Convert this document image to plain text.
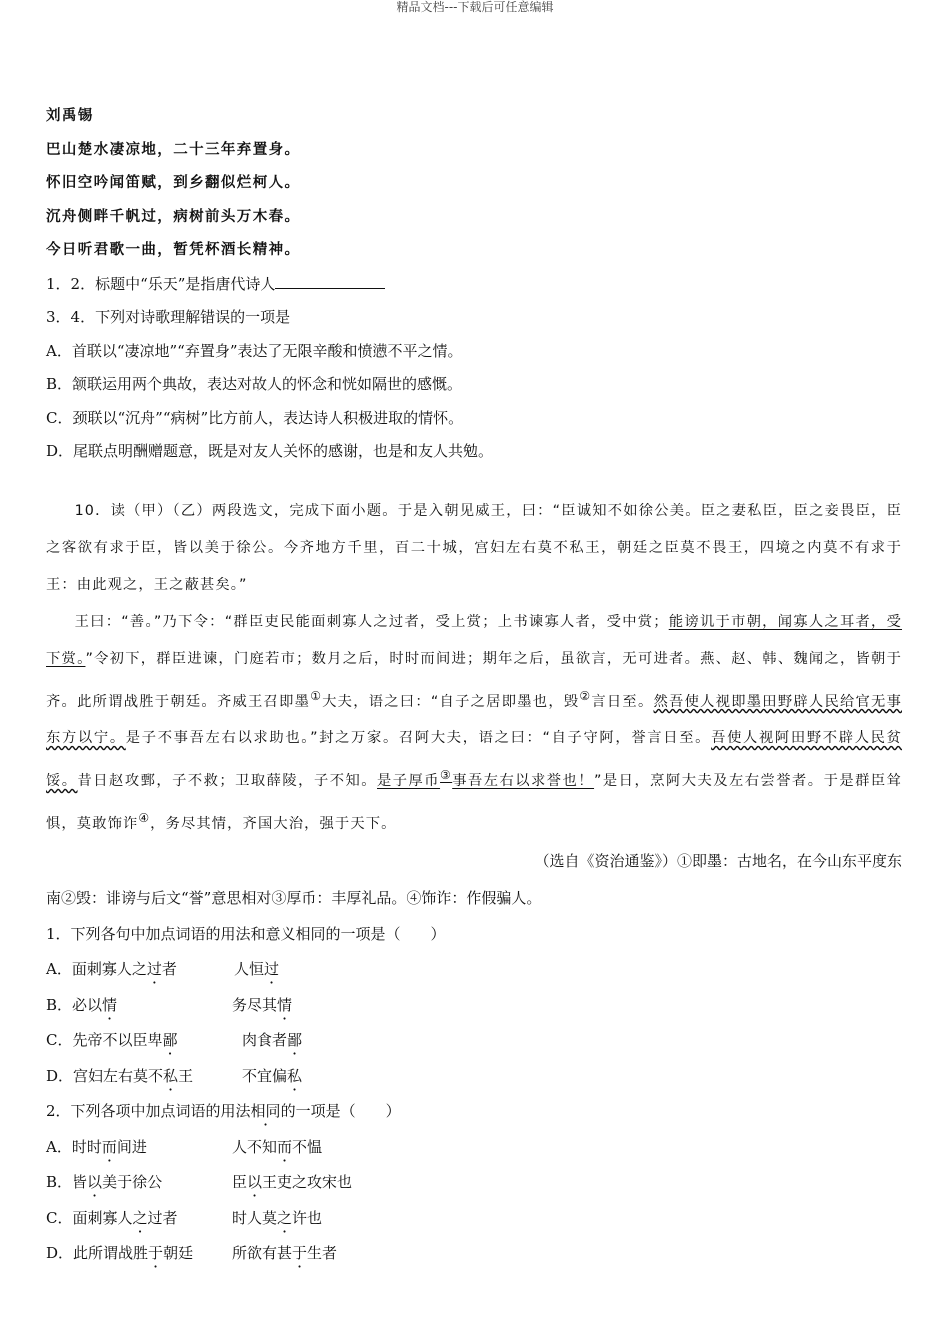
精品文档---下载后可任意编辑
刘禹锡
巴山楚水凄凉地，二十三年弃置身。
怀旧空吟闻笛赋，到乡翻似烂柯人。
沉舟侧畔千帆过，病树前头万木春。
今日听君歌一曲，暂凭杯酒长精神。
1．2．标题中“乐天”是指唐代诗人
3．4．下列对诗歌理解错误的一项是
A．首联以“凄凉地”“弃置身”表达了无限辛酸和愤懑不平之情。
B．颔联运用两个典故，表达对故人的怀念和恍如隔世的感慨。
C．颈联以“沉舟”“病树”比方前人，表达诗人积极进取的情怀。
D．尾联点明酬赠题意，既是对友人关怀的感谢，也是和友人共勉。
10．读（甲）（乙）两段选文，完成下面小题。于是入朝见威王，曰：“臣诚知不如徐公美。臣之妻私臣，臣之妾畏臣，臣之客欲有求于臣，皆以美于徐公。今齐地方千里，百二十城，宫妇左右莫不私王，朝廷之臣莫不畏王，四境之内莫不有求于王：由此观之，王之蔽甚矣。”
王曰：“善。”乃下令：“群臣吏民能面刺寡人之过者，受上赏；上书谏寡人者，受中赏；能谤讥于市朝，闻寡人之耳者，受下赏。”令初下，群臣进谏，门庭若市；数月之后，时时而间进；期年之后，虽欲言，无可进者。燕、赵、韩、魏闻之，皆朝于齐。此所谓战胜于朝廷。齐威王召即墨①大夫，语之曰：“自子之居即墨也，毁②言日至。然吾使人视即墨田野辟人民给官无事东方以宁。是子不事吾左右以求助也。”封之万家。召阿大夫，语之曰：“自子守阿，誉言日至。吾使人视阿田野不辟人民贫馁。昔日赵攻鄄，子不救；卫取薛陵，子不知。是子厚币③事吾左右以求誉也！”是日，烹阿大夫及左右尝誉者。于是群臣耸惧，莫敢饰诈④，务尽其情，齐国大治，强于天下。
（选自《资治通鉴》）①即墨：古地名，在今山东平度东
南②毁：诽谤与后文“誉”意思相对③厚币：丰厚礼品。④饰诈：作假骗人。
1．下列各句中加点词语的用法和意义相同的一项是（　　）
A．面刺寡人之过者	人恒过
B．必以情	务尽其情
C．先帝不以臣卑鄙	肉食者鄙
D．宫妇左右莫不私王	不宜偏私
2．下列各项中加点词语的用法相同的一项是（　　）
A．时时而间进	人不知而不愠
B．皆以美于徐公	臣以王吏之攻宋也
C．面刺寡人之过者	时人莫之许也
D．此所谓战胜于朝廷	所欲有甚于生者
